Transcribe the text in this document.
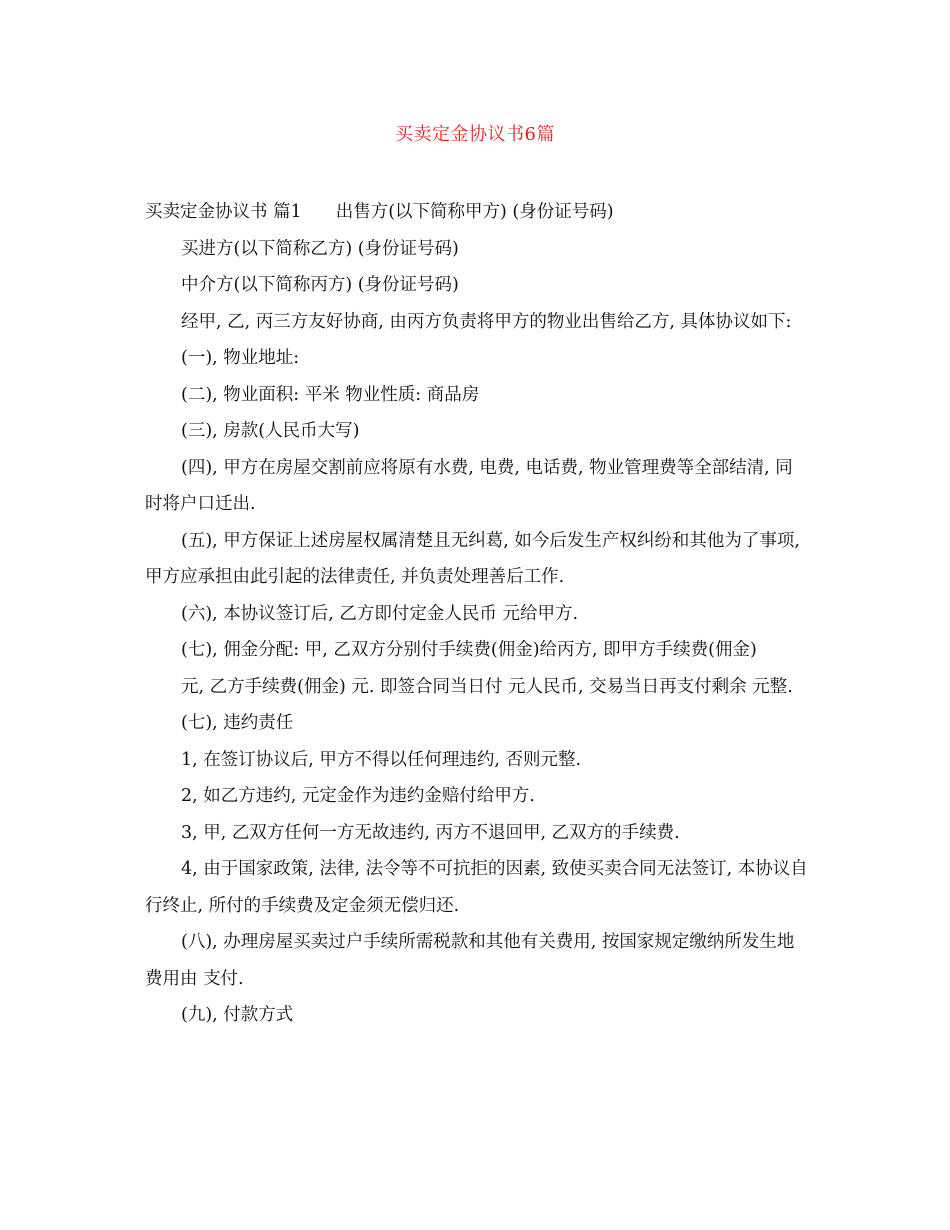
买卖定金协议书6篇

买卖定金协议书 篇1 出售方(以下简称甲方) (身份证号码)

买进方(以下简称乙方) (身份证号码)

中介方(以下简称丙方) (身份证号码)

经甲, 乙, 丙三方友好协商, 由丙方负责将甲方的物业出售给乙方, 具体协议如下:

(一), 物业地址:

(二), 物业面积: 平米 物业性质: 商品房

(三), 房款(人民币大写)

(四), 甲方在房屋交割前应将原有水费, 电费, 电话费, 物业管理费等全部结清, 同时将户口迁出.

(五), 甲方保证上述房屋权属清楚且无纠葛, 如今后发生产权纠纷和其他为了事项, 甲方应承担由此引起的法律责任, 并负责处理善后工作.

(六), 本协议签订后, 乙方即付定金人民币 元给甲方.

(七), 佣金分配: 甲, 乙双方分别付手续费(佣金)给丙方, 即甲方手续费(佣金)

元, 乙方手续费(佣金) 元. 即签合同当日付 元人民币, 交易当日再支付剩余 元整.

(七), 违约责任

1, 在签订协议后, 甲方不得以任何理违约, 否则元整.

2, 如乙方违约, 元定金作为违约金赔付给甲方.

3, 甲, 乙双方任何一方无故违约, 丙方不退回甲, 乙双方的手续费.

4, 由于国家政策, 法律, 法令等不可抗拒的因素, 致使买卖合同无法签订, 本协议自行终止, 所付的手续费及定金须无偿归还.

(八), 办理房屋买卖过户手续所需税款和其他有关费用, 按国家规定缴纳所发生地费用由 支付.

(九), 付款方式
